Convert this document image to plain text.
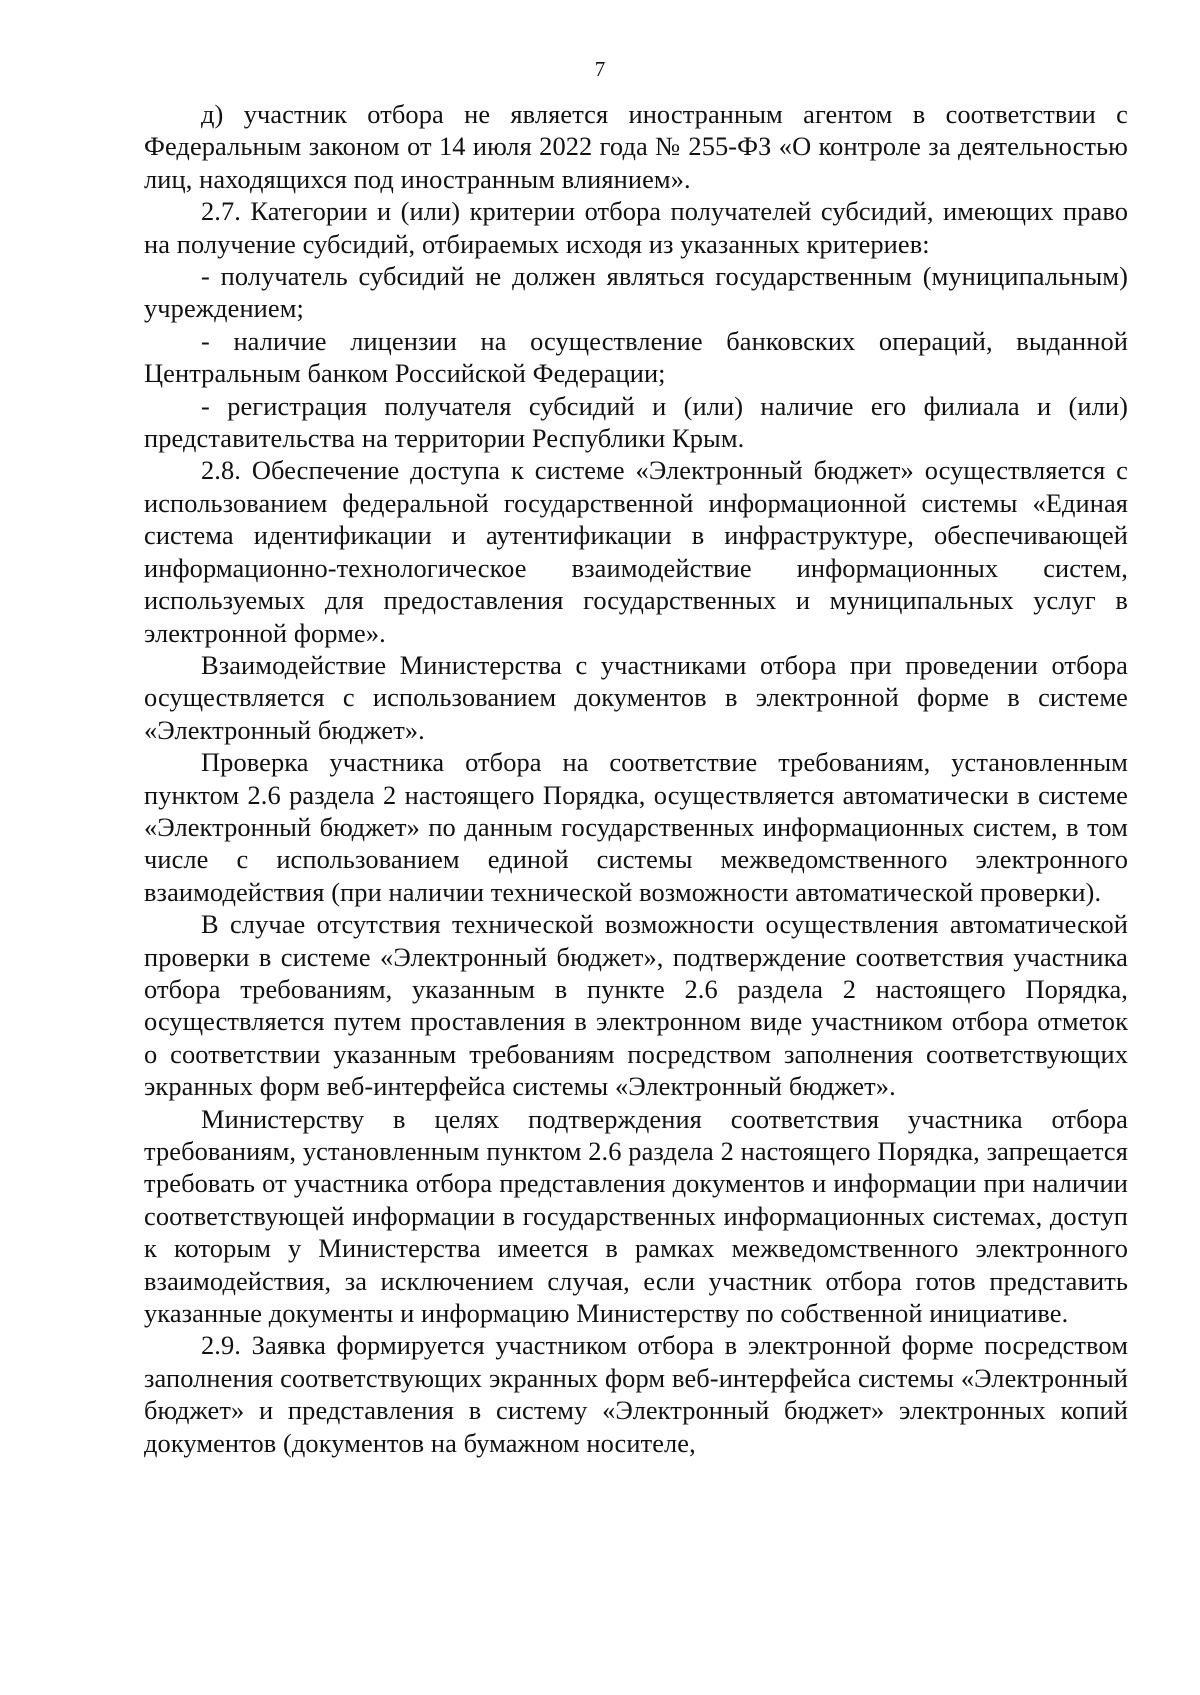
7

д) участник отбора не является иностранным агентом в соответствии с Федеральным законом от 14 июля 2022 года № 255-ФЗ «О контроле за деятельностью лиц, находящихся под иностранным влиянием».

2.7. Категории и (или) критерии отбора получателей субсидий, имеющих право на получение субсидий, отбираемых исходя из указанных критериев:

- получатель субсидий не должен являться государственным (муниципальным) учреждением;

- наличие лицензии на осуществление банковских операций, выданной Центральным банком Российской Федерации;

- регистрация получателя субсидий и (или) наличие его филиала и (или) представительства на территории Республики Крым.

2.8. Обеспечение доступа к системе «Электронный бюджет» осуществляется с использованием федеральной государственной информационной системы «Единая система идентификации и аутентификации в инфраструктуре, обеспечивающей информационно-технологическое взаимодействие информационных систем, используемых для предоставления государственных и муниципальных услуг в электронной форме».

Взаимодействие Министерства с участниками отбора при проведении отбора осуществляется с использованием документов в электронной форме в системе «Электронный бюджет».

Проверка участника отбора на соответствие требованиям, установленным пунктом 2.6 раздела 2 настоящего Порядка, осуществляется автоматически в системе «Электронный бюджет» по данным государственных информационных систем, в том числе с использованием единой системы межведомственного электронного взаимодействия (при наличии технической возможности автоматической проверки).

В случае отсутствия технической возможности осуществления автоматической проверки в системе «Электронный бюджет», подтверждение соответствия участника отбора требованиям, указанным в пункте 2.6 раздела 2 настоящего Порядка, осуществляется путем проставления в электронном виде участником отбора отметок о соответствии указанным требованиям посредством заполнения соответствующих экранных форм веб-интерфейса системы «Электронный бюджет».

Министерству в целях подтверждения соответствия участника отбора требованиям, установленным пунктом 2.6 раздела 2 настоящего Порядка, запрещается требовать от участника отбора представления документов и информации при наличии соответствующей информации в государственных информационных системах, доступ к которым у Министерства имеется в рамках межведомственного электронного взаимодействия, за исключением случая, если участник отбора готов представить указанные документы и информацию Министерству по собственной инициативе.

2.9. Заявка формируется участником отбора в электронной форме посредством заполнения соответствующих экранных форм веб-интерфейса системы «Электронный бюджет» и представления в систему «Электронный бюджет» электронных копий документов (документов на бумажном носителе,
